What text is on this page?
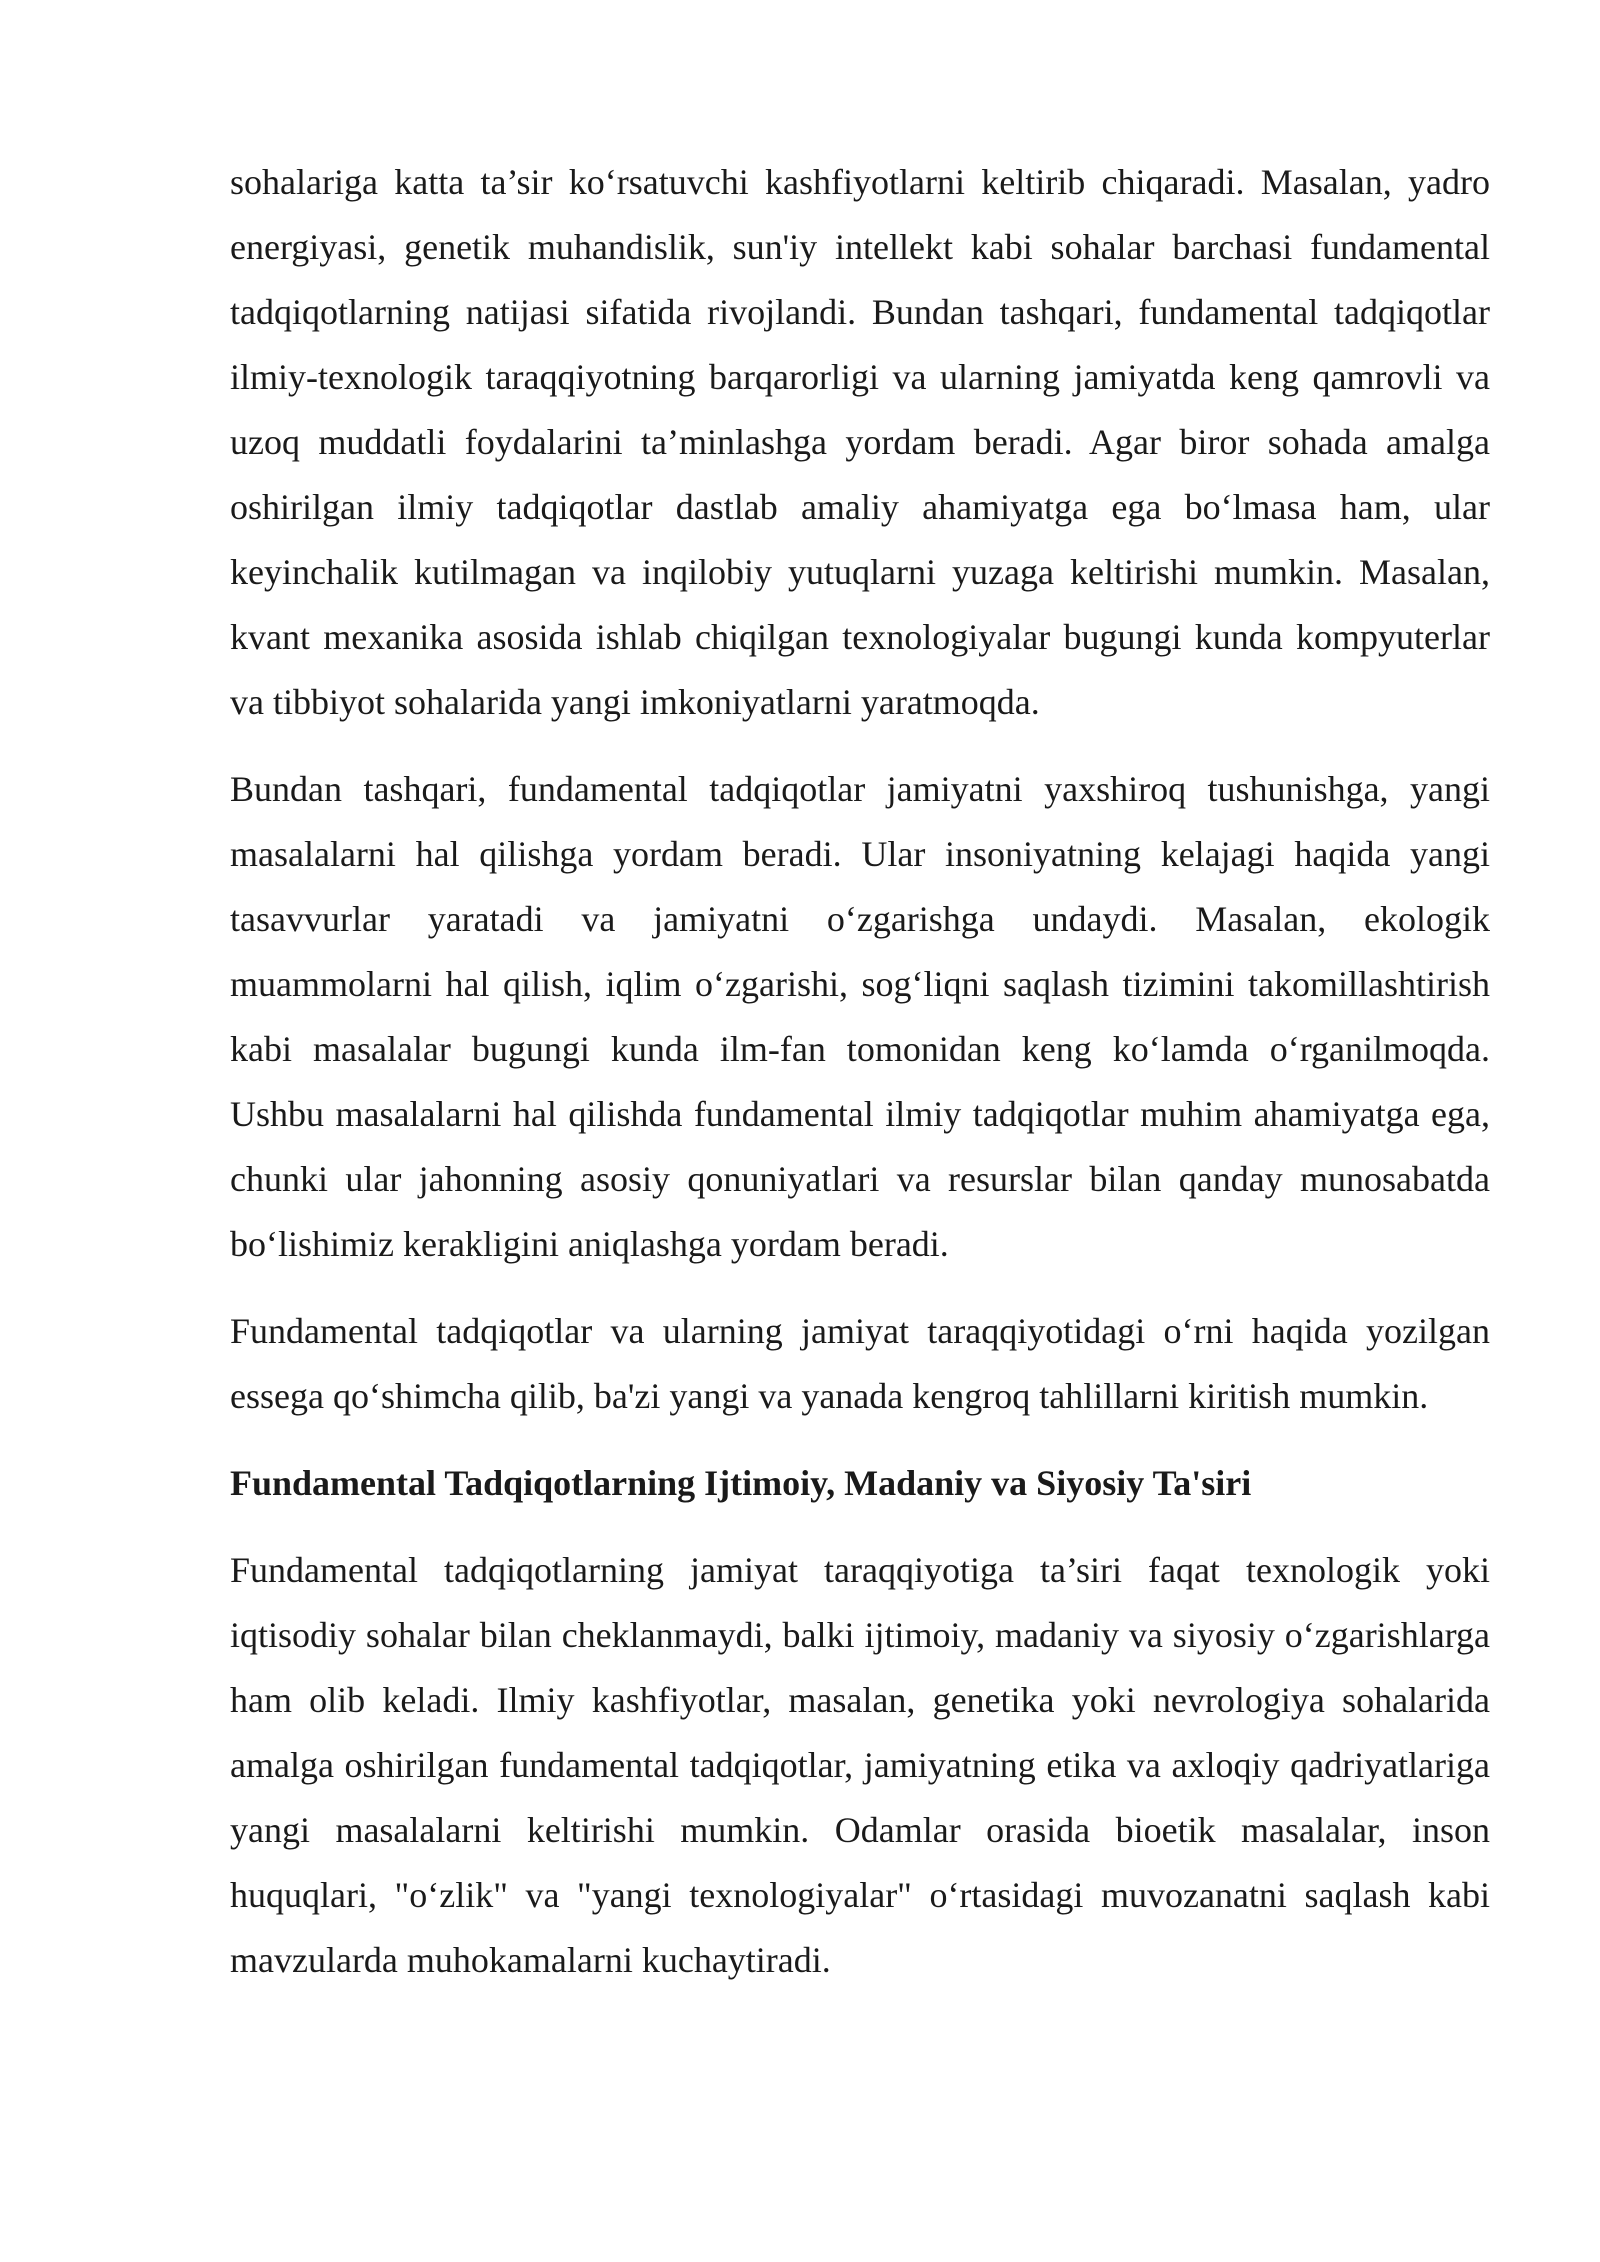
sohalariga katta ta’sir ko‘rsatuvchi kashfiyotlarni keltirib chiqaradi. Masalan, yadro energiyasi, genetik muhandislik, sun'iy intellekt kabi sohalar barchasi fundamental tadqiqotlarning natijasi sifatida rivojlandi. Bundan tashqari, fundamental tadqiqotlar ilmiy-texnologik taraqqiyotning barqarorligi va ularning jamiyatda keng qamrovli va uzoq muddatli foydalarini ta’minlashga yordam beradi. Agar biror sohada amalga oshirilgan ilmiy tadqiqotlar dastlab amaliy ahamiyatga ega bo‘lmasa ham, ular keyinchalik kutilmagan va inqilobiy yutuqlarni yuzaga keltirishi mumkin. Masalan, kvant mexanika asosida ishlab chiqilgan texnologiyalar bugungi kunda kompyuterlar va tibbiyot sohalarida yangi imkoniyatlarni yaratmoqda.

Bundan tashqari, fundamental tadqiqotlar jamiyatni yaxshiroq tushunishga, yangi masalalarni hal qilishga yordam beradi. Ular insoniyatning kelajagi haqida yangi tasavvurlar yaratadi va jamiyatni o‘zgarishga undaydi. Masalan, ekologik muammolarni hal qilish, iqlim o‘zgarishi, sog‘liqni saqlash tizimini takomillashtirish kabi masalalar bugungi kunda ilm-fan tomonidan keng ko‘lamda o‘rganilmoqda. Ushbu masalalarni hal qilishda fundamental ilmiy tadqiqotlar muhim ahamiyatga ega, chunki ular jahonning asosiy qonuniyatlari va resurslar bilan qanday munosabatda bo‘lishimiz kerakligini aniqlashga yordam beradi.

Fundamental tadqiqotlar va ularning jamiyat taraqqiyotidagi o‘rni haqida yozilgan essega qo‘shimcha qilib, ba'zi yangi va yanada kengroq tahlillarni kiritish mumkin.

Fundamental Tadqiqotlarning Ijtimoiy, Madaniy va Siyosiy Ta'siri

Fundamental tadqiqotlarning jamiyat taraqqiyotiga ta’siri faqat texnologik yoki iqtisodiy sohalar bilan cheklanmaydi, balki ijtimoiy, madaniy va siyosiy o‘zgarishlarga ham olib keladi. Ilmiy kashfiyotlar, masalan, genetika yoki nevrologiya sohalarida amalga oshirilgan fundamental tadqiqotlar, jamiyatning etika va axloqiy qadriyatlariga yangi masalalarni keltirishi mumkin. Odamlar orasida bioetik masalalar, inson huquqlari, "o‘zlik" va "yangi texnologiyalar" o‘rtasidagi muvozanatni saqlash kabi mavzularda muhokamalarni kuchaytiradi.
